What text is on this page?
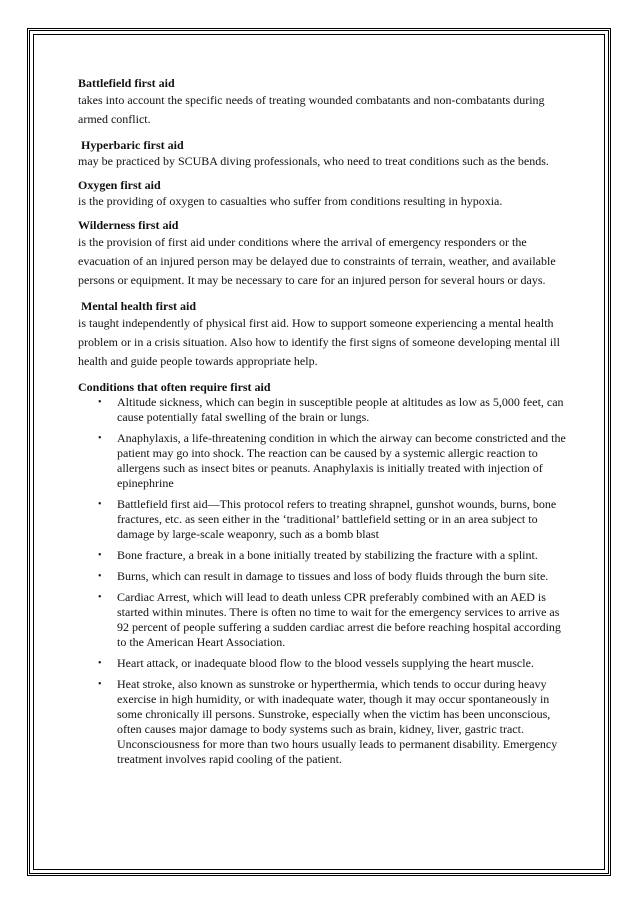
Battlefield first aid
takes into account the specific needs of treating wounded combatants and non-combatants during armed conflict.
Hyperbaric first aid
may be practiced by SCUBA diving professionals, who need to treat conditions such as the bends.
Oxygen first aid
is the providing of oxygen to casualties who suffer from conditions resulting in hypoxia.
Wilderness first aid
is the provision of first aid under conditions where the arrival of emergency responders or the evacuation of an injured person may be delayed due to constraints of terrain, weather, and available persons or equipment. It may be necessary to care for an injured person for several hours or days.
Mental health first aid
is taught independently of physical first aid. How to support someone experiencing a mental health problem or in a crisis situation. Also how to identify the first signs of someone developing mental ill health and guide people towards appropriate help.
Conditions that often require first aid
• Altitude sickness, which can begin in susceptible people at altitudes as low as 5,000 feet, can cause potentially fatal swelling of the brain or lungs.
• Anaphylaxis, a life-threatening condition in which the airway can become constricted and the patient may go into shock. The reaction can be caused by a systemic allergic reaction to allergens such as insect bites or peanuts. Anaphylaxis is initially treated with injection of epinephrine
• Battlefield first aid—This protocol refers to treating shrapnel, gunshot wounds, burns, bone fractures, etc. as seen either in the ‘traditional’ battlefield setting or in an area subject to damage by large-scale weaponry, such as a bomb blast
• Bone fracture, a break in a bone initially treated by stabilizing the fracture with a splint.
• Burns, which can result in damage to tissues and loss of body fluids through the burn site.
• Cardiac Arrest, which will lead to death unless CPR preferably combined with an AED is started within minutes. There is often no time to wait for the emergency services to arrive as 92 percent of people suffering a sudden cardiac arrest die before reaching hospital according to the American Heart Association.
• Heart attack, or inadequate blood flow to the blood vessels supplying the heart muscle.
• Heat stroke, also known as sunstroke or hyperthermia, which tends to occur during heavy exercise in high humidity, or with inadequate water, though it may occur spontaneously in some chronically ill persons. Sunstroke, especially when the victim has been unconscious, often causes major damage to body systems such as brain, kidney, liver, gastric tract. Unconsciousness for more than two hours usually leads to permanent disability. Emergency treatment involves rapid cooling of the patient.
